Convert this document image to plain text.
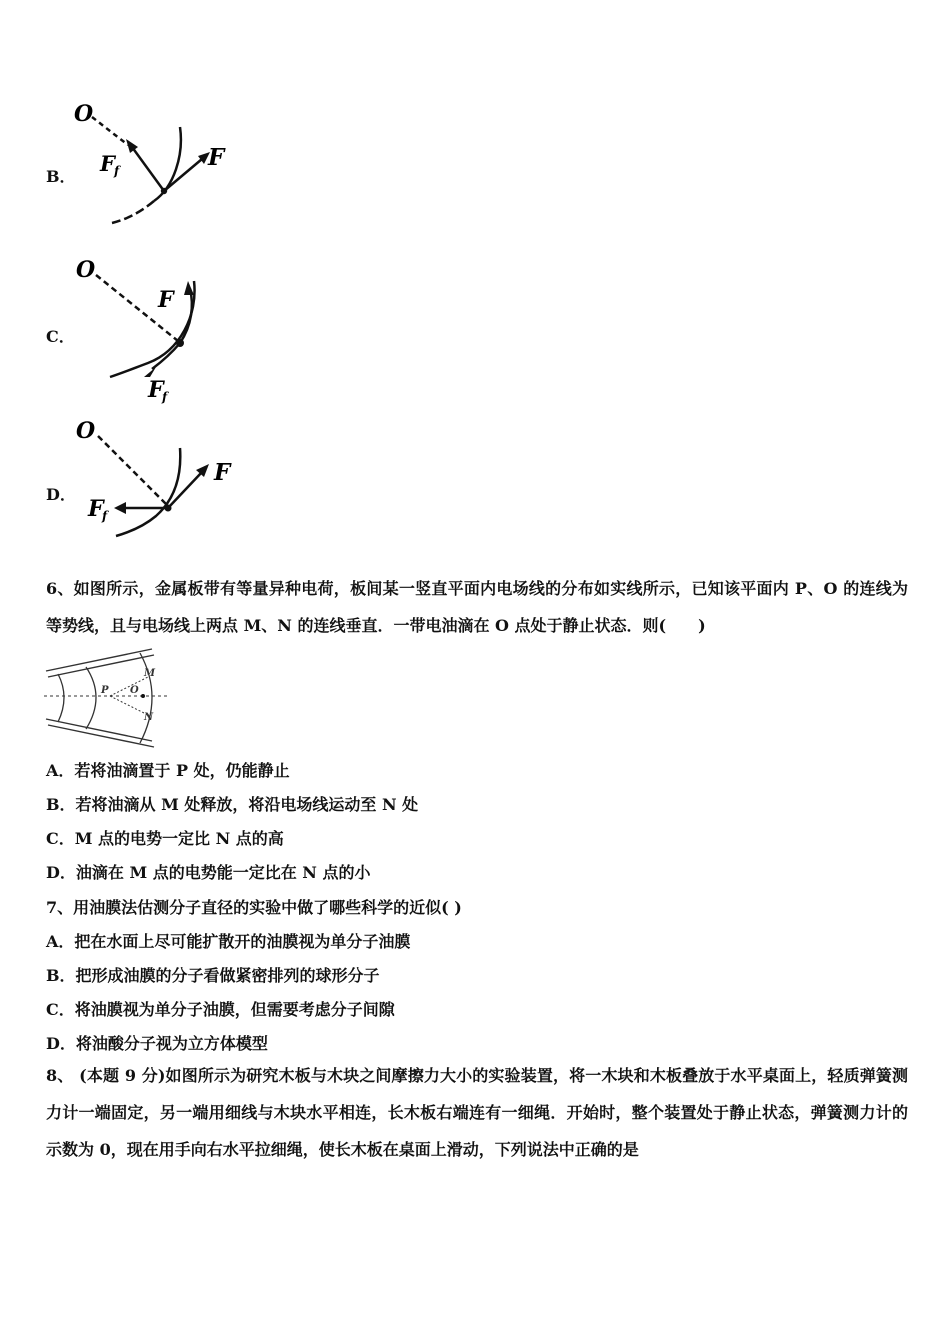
B．
O
F f	F
C．
O
F
F
f
D．
O
F
F
f
6、如图所示，金属板带有等量异种电荷，板间某一竖直平面内电场线的分布如实线所示，已知该平面内 P、O 的连线为等势线，且与电场线上两点 M、N 的连线垂直．一带电油滴在 O 点处于静止状态．则(　　)
P O
M
N
A．若将油滴置于 P 处，仍能静止
B．若将油滴从 M 处释放，将沿电场线运动至 N 处
C．M 点的电势一定比 N 点的高
D．油滴在 M 点的电势能一定比在 N 点的小
7、用油膜法估测分子直径的实验中做了哪些科学的近似( )
A．把在水面上尽可能扩散开的油膜视为单分子油膜
B．把形成油膜的分子看做紧密排列的球形分子
C．将油膜视为单分子油膜，但需要考虑分子间隙
D．将油酸分子视为立方体模型
8、 (本题 9 分)如图所示为研究木板与木块之间摩擦力大小的实验装置，将一木块和木板叠放于水平桌面上，轻质弹簧测力计一端固定，另一端用细线与木块水平相连，长木板右端连有一细绳．开始时，整个装置处于静止状态，弹簧测力计的示数为 0，现在用手向右水平拉细绳，使长木板在桌面上滑动，下列说法中正确的是
